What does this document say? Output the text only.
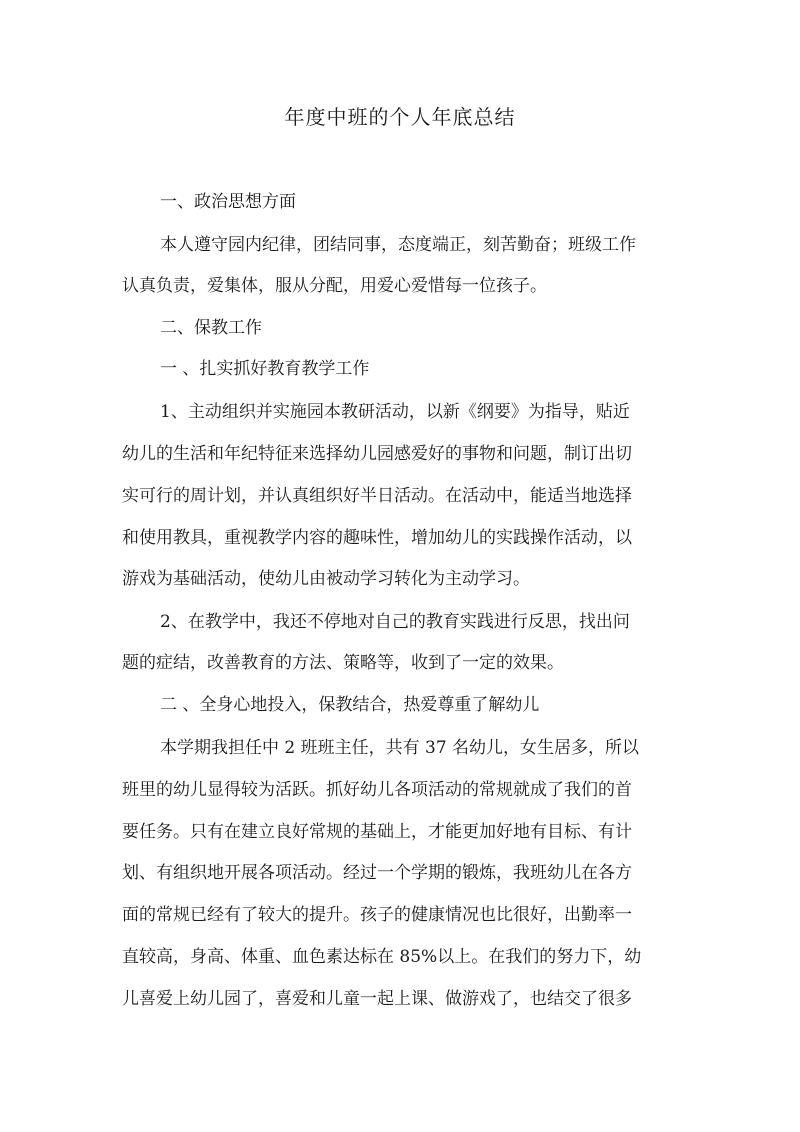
年度中班的个人年底总结
一、政治思想方面
本人遵守园内纪律，团结同事，态度端正，刻苦勤奋；班级工作
认真负责，爱集体，服从分配，用爱心爱惜每一位孩子。
二、保教工作
一 、扎实抓好教育教学工作
1、主动组织并实施园本教研活动，以新《纲要》为指导，贴近
幼儿的生活和年纪特征来选择幼儿园感爱好的事物和问题，制订出切
实可行的周计划，并认真组织好半日活动。在活动中，能适当地选择
和使用教具，重视教学内容的趣味性，增加幼儿的实践操作活动，以
游戏为基础活动，使幼儿由被动学习转化为主动学习。
2、在教学中，我还不停地对自己的教育实践进行反思，找出问
题的症结，改善教育的方法、策略等，收到了一定的效果。
二 、全身心地投入，保教结合，热爱尊重了解幼儿
本学期我担任中 2 班班主任，共有 37 名幼儿，女生居多，所以
班里的幼儿显得较为活跃。抓好幼儿各项活动的常规就成了我们的首
要任务。只有在建立良好常规的基础上，才能更加好地有目标、有计
划、有组织地开展各项活动。经过一个学期的锻炼，我班幼儿在各方
面的常规已经有了较大的提升。孩子的健康情况也比很好，出勤率一
直较高，身高、体重、血色素达标在 85%以上。在我们的努力下，幼
儿喜爱上幼儿园了，喜爱和儿童一起上课、做游戏了，也结交了很多
